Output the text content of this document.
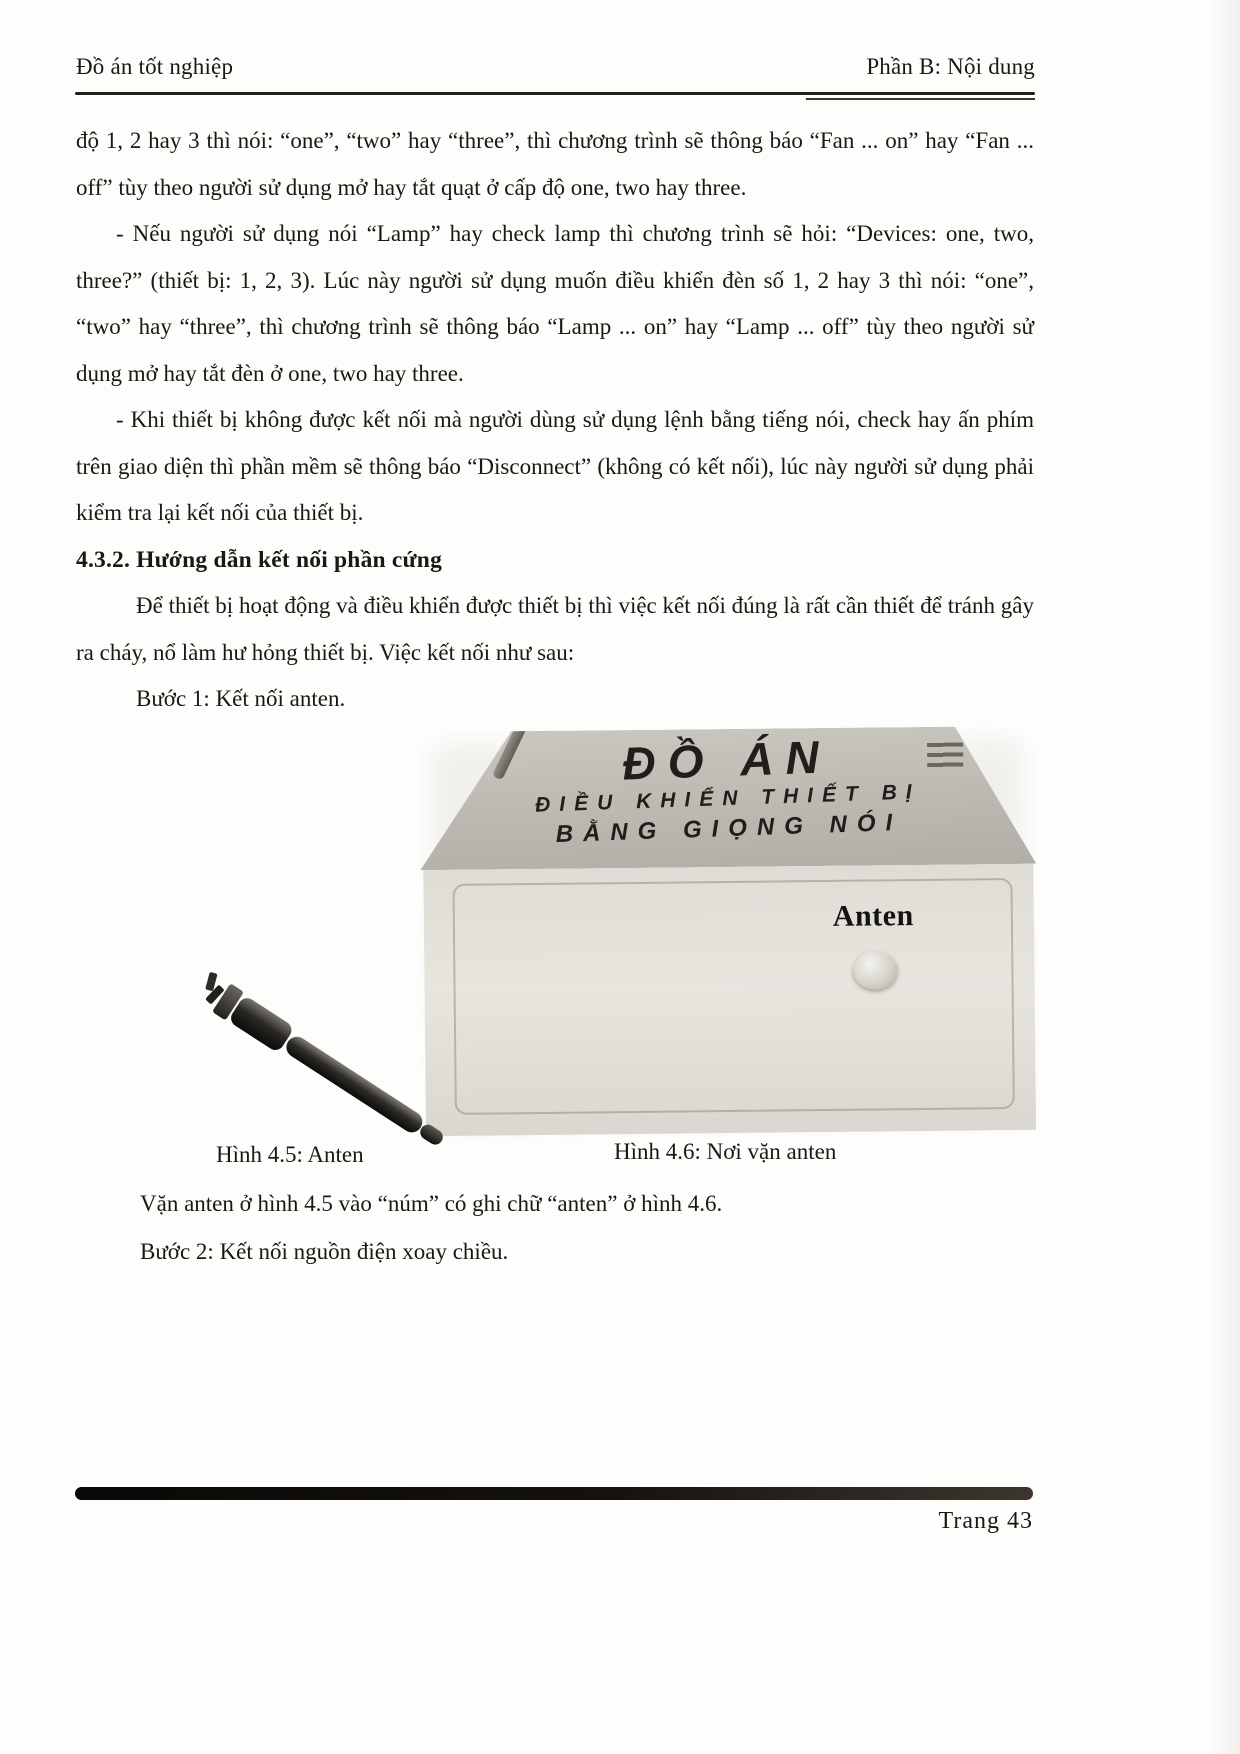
Đồ án tốt nghiệp	Phần B: Nội dung

độ 1, 2 hay 3 thì nói: “one”, “two” hay “three”, thì chương trình sẽ thông báo “Fan ... on” hay “Fan ... off” tùy theo người sử dụng mở hay tắt quạt ở cấp độ one, two hay three.

- Nếu người sử dụng nói “Lamp” hay check lamp thì chương trình sẽ hỏi: “Devices: one, two, three?” (thiết bị: 1, 2, 3). Lúc này người sử dụng muốn điều khiển đèn số 1, 2 hay 3 thì nói: “one”, “two” hay “three”, thì chương trình sẽ thông báo “Lamp ... on” hay “Lamp ... off” tùy theo người sử dụng mở hay tắt đèn ở one, two hay three.

- Khi thiết bị không được kết nối mà người dùng sử dụng lệnh bằng tiếng nói, check hay ấn phím trên giao diện thì phần mềm sẽ thông báo “Disconnect” (không có kết nối), lúc này người sử dụng phải kiểm tra lại kết nối của thiết bị.

4.3.2. Hướng dẫn kết nối phần cứng

Để thiết bị hoạt động và điều khiển được thiết bị thì việc kết nối đúng là rất cần thiết để tránh gây ra cháy, nổ làm hư hỏng thiết bị. Việc kết nối như sau:

Bước 1: Kết nối anten.

ĐỒ ÁN
ĐIỀU KHIỂN THIẾT BỊ
BẰNG GIỌNG NÓI
Anten
Hình 4.5: Anten	Hình 4.6: Nơi vặn anten

Vặn anten ở hình 4.5 vào “núm” có ghi chữ “anten” ở hình 4.6.

Bước 2: Kết nối nguồn điện xoay chiều.

Trang 43
